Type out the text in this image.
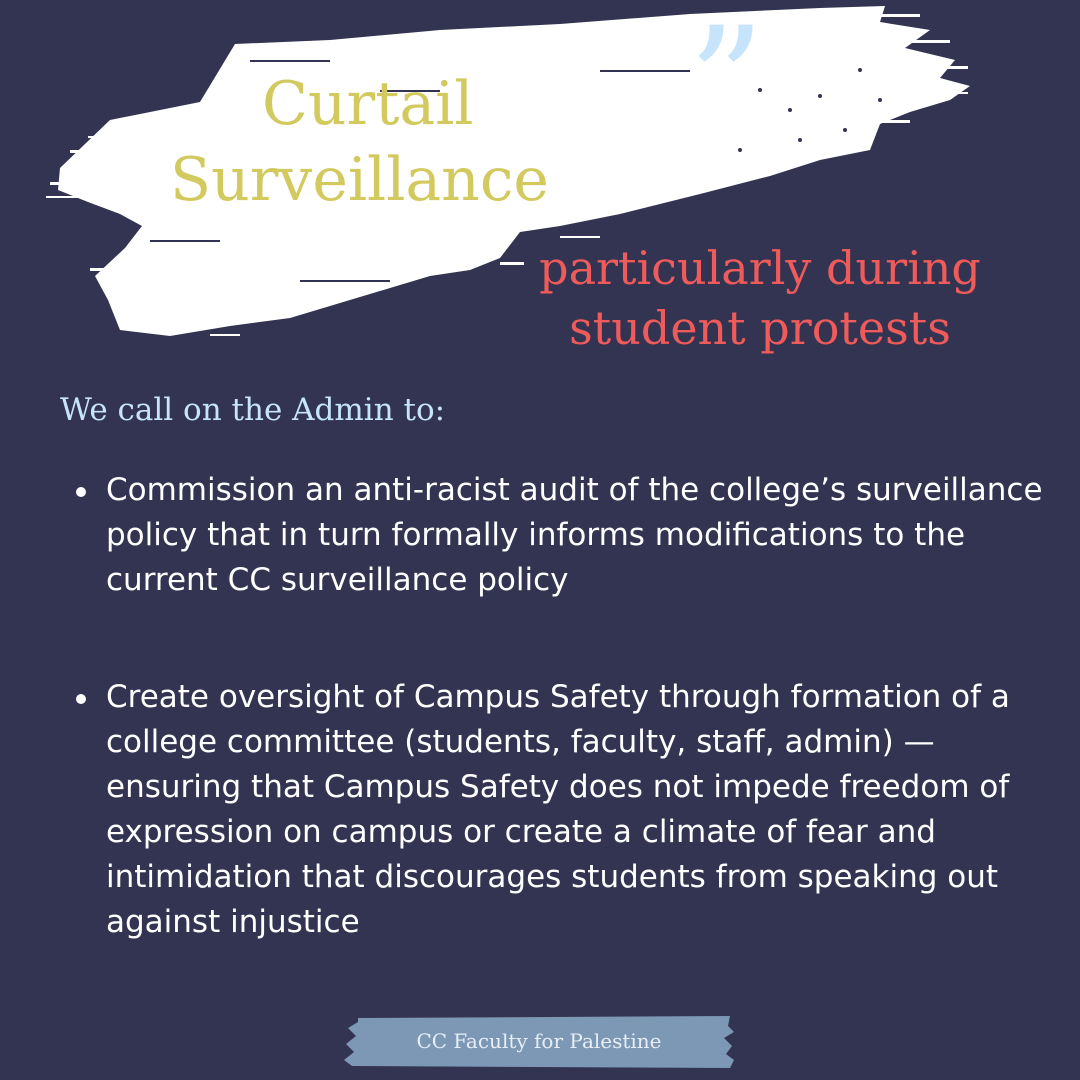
”
Curtail
Surveillance
particularly during
student protests

We call on the Admin to:

Commission an anti-racist audit of the college’s surveillance policy that in turn formally informs modifications to the current CC surveillance policy
Create oversight of Campus Safety through formation of a college committee (students, faculty, staff, admin) — ensuring that Campus Safety does not impede freedom of expression on campus or create a climate of fear and intimidation that discourages students from speaking out against injustice
CC Faculty for Palestine
